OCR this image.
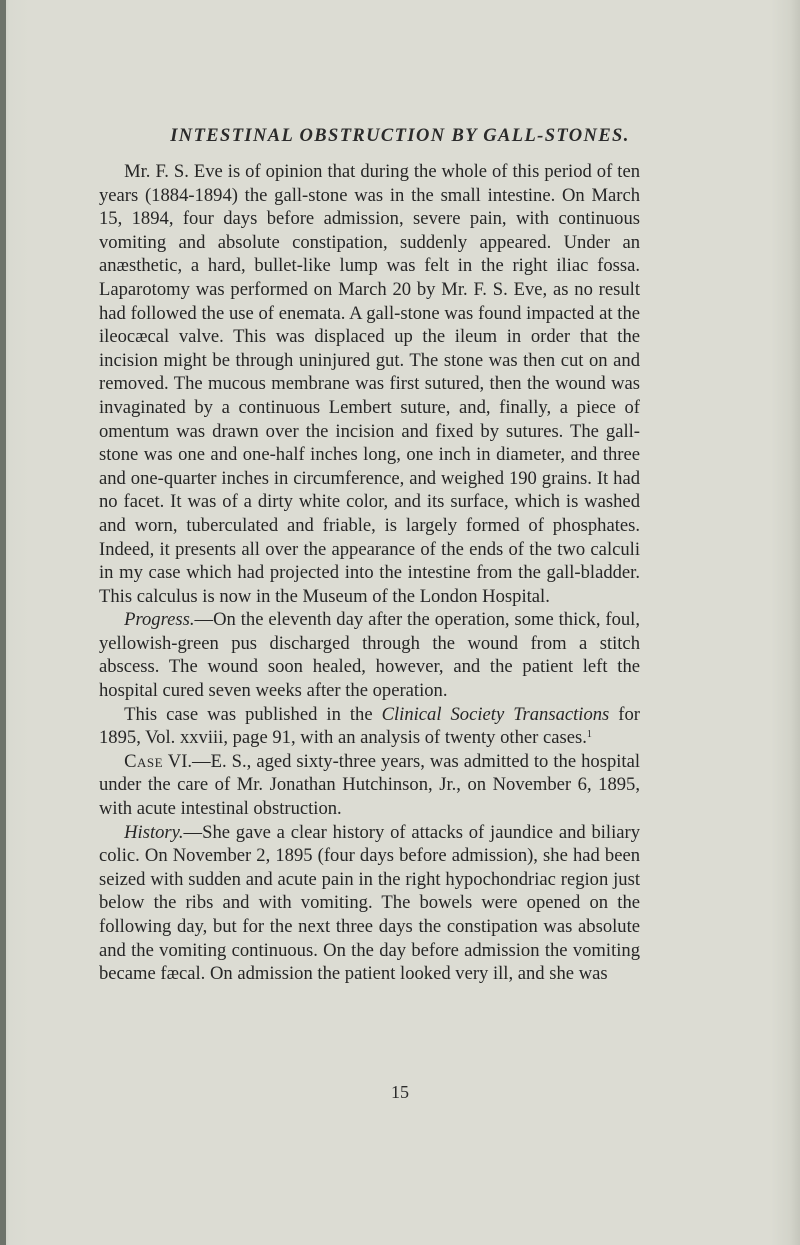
INTESTINAL OBSTRUCTION BY GALL-STONES.

Mr. F. S. Eve is of opinion that during the whole of this period of ten years (1884-1894) the gall-stone was in the small intestine. On March 15, 1894, four days before admission, severe pain, with continuous vomiting and absolute constipation, suddenly appeared. Under an anæsthetic, a hard, bullet-like lump was felt in the right iliac fossa. Laparotomy was performed on March 20 by Mr. F. S. Eve, as no result had followed the use of enemata. A gall-stone was found impacted at the ileocæcal valve. This was displaced up the ileum in order that the incision might be through uninjured gut. The stone was then cut on and removed. The mucous membrane was first sutured, then the wound was invaginated by a continuous Lembert suture, and, finally, a piece of omentum was drawn over the incision and fixed by sutures. The gall-stone was one and one-half inches long, one inch in diameter, and three and one-quarter inches in circumference, and weighed 190 grains. It had no facet. It was of a dirty white color, and its surface, which is washed and worn, tuberculated and friable, is largely formed of phosphates. Indeed, it presents all over the appearance of the ends of the two calculi in my case which had projected into the intestine from the gall-bladder. This calculus is now in the Museum of the London Hospital.

Progress.—On the eleventh day after the operation, some thick, foul, yellowish-green pus discharged through the wound from a stitch abscess. The wound soon healed, however, and the patient left the hospital cured seven weeks after the operation.

This case was published in the Clinical Society Transactions for 1895, Vol. xxviii, page 91, with an analysis of twenty other cases.$^1$

Case VI.—E. S., aged sixty-three years, was admitted to the hospital under the care of Mr. Jonathan Hutchinson, Jr., on November 6, 1895, with acute intestinal obstruction.

History.—She gave a clear history of attacks of jaundice and biliary colic. On November 2, 1895 (four days before admission), she had been seized with sudden and acute pain in the right hypochondriac region just below the ribs and with vomiting. The bowels were opened on the following day, but for the next three days the constipation was absolute and the vomiting continuous. On the day before admission the vomiting became fæcal. On admission the patient looked very ill, and she was

15
